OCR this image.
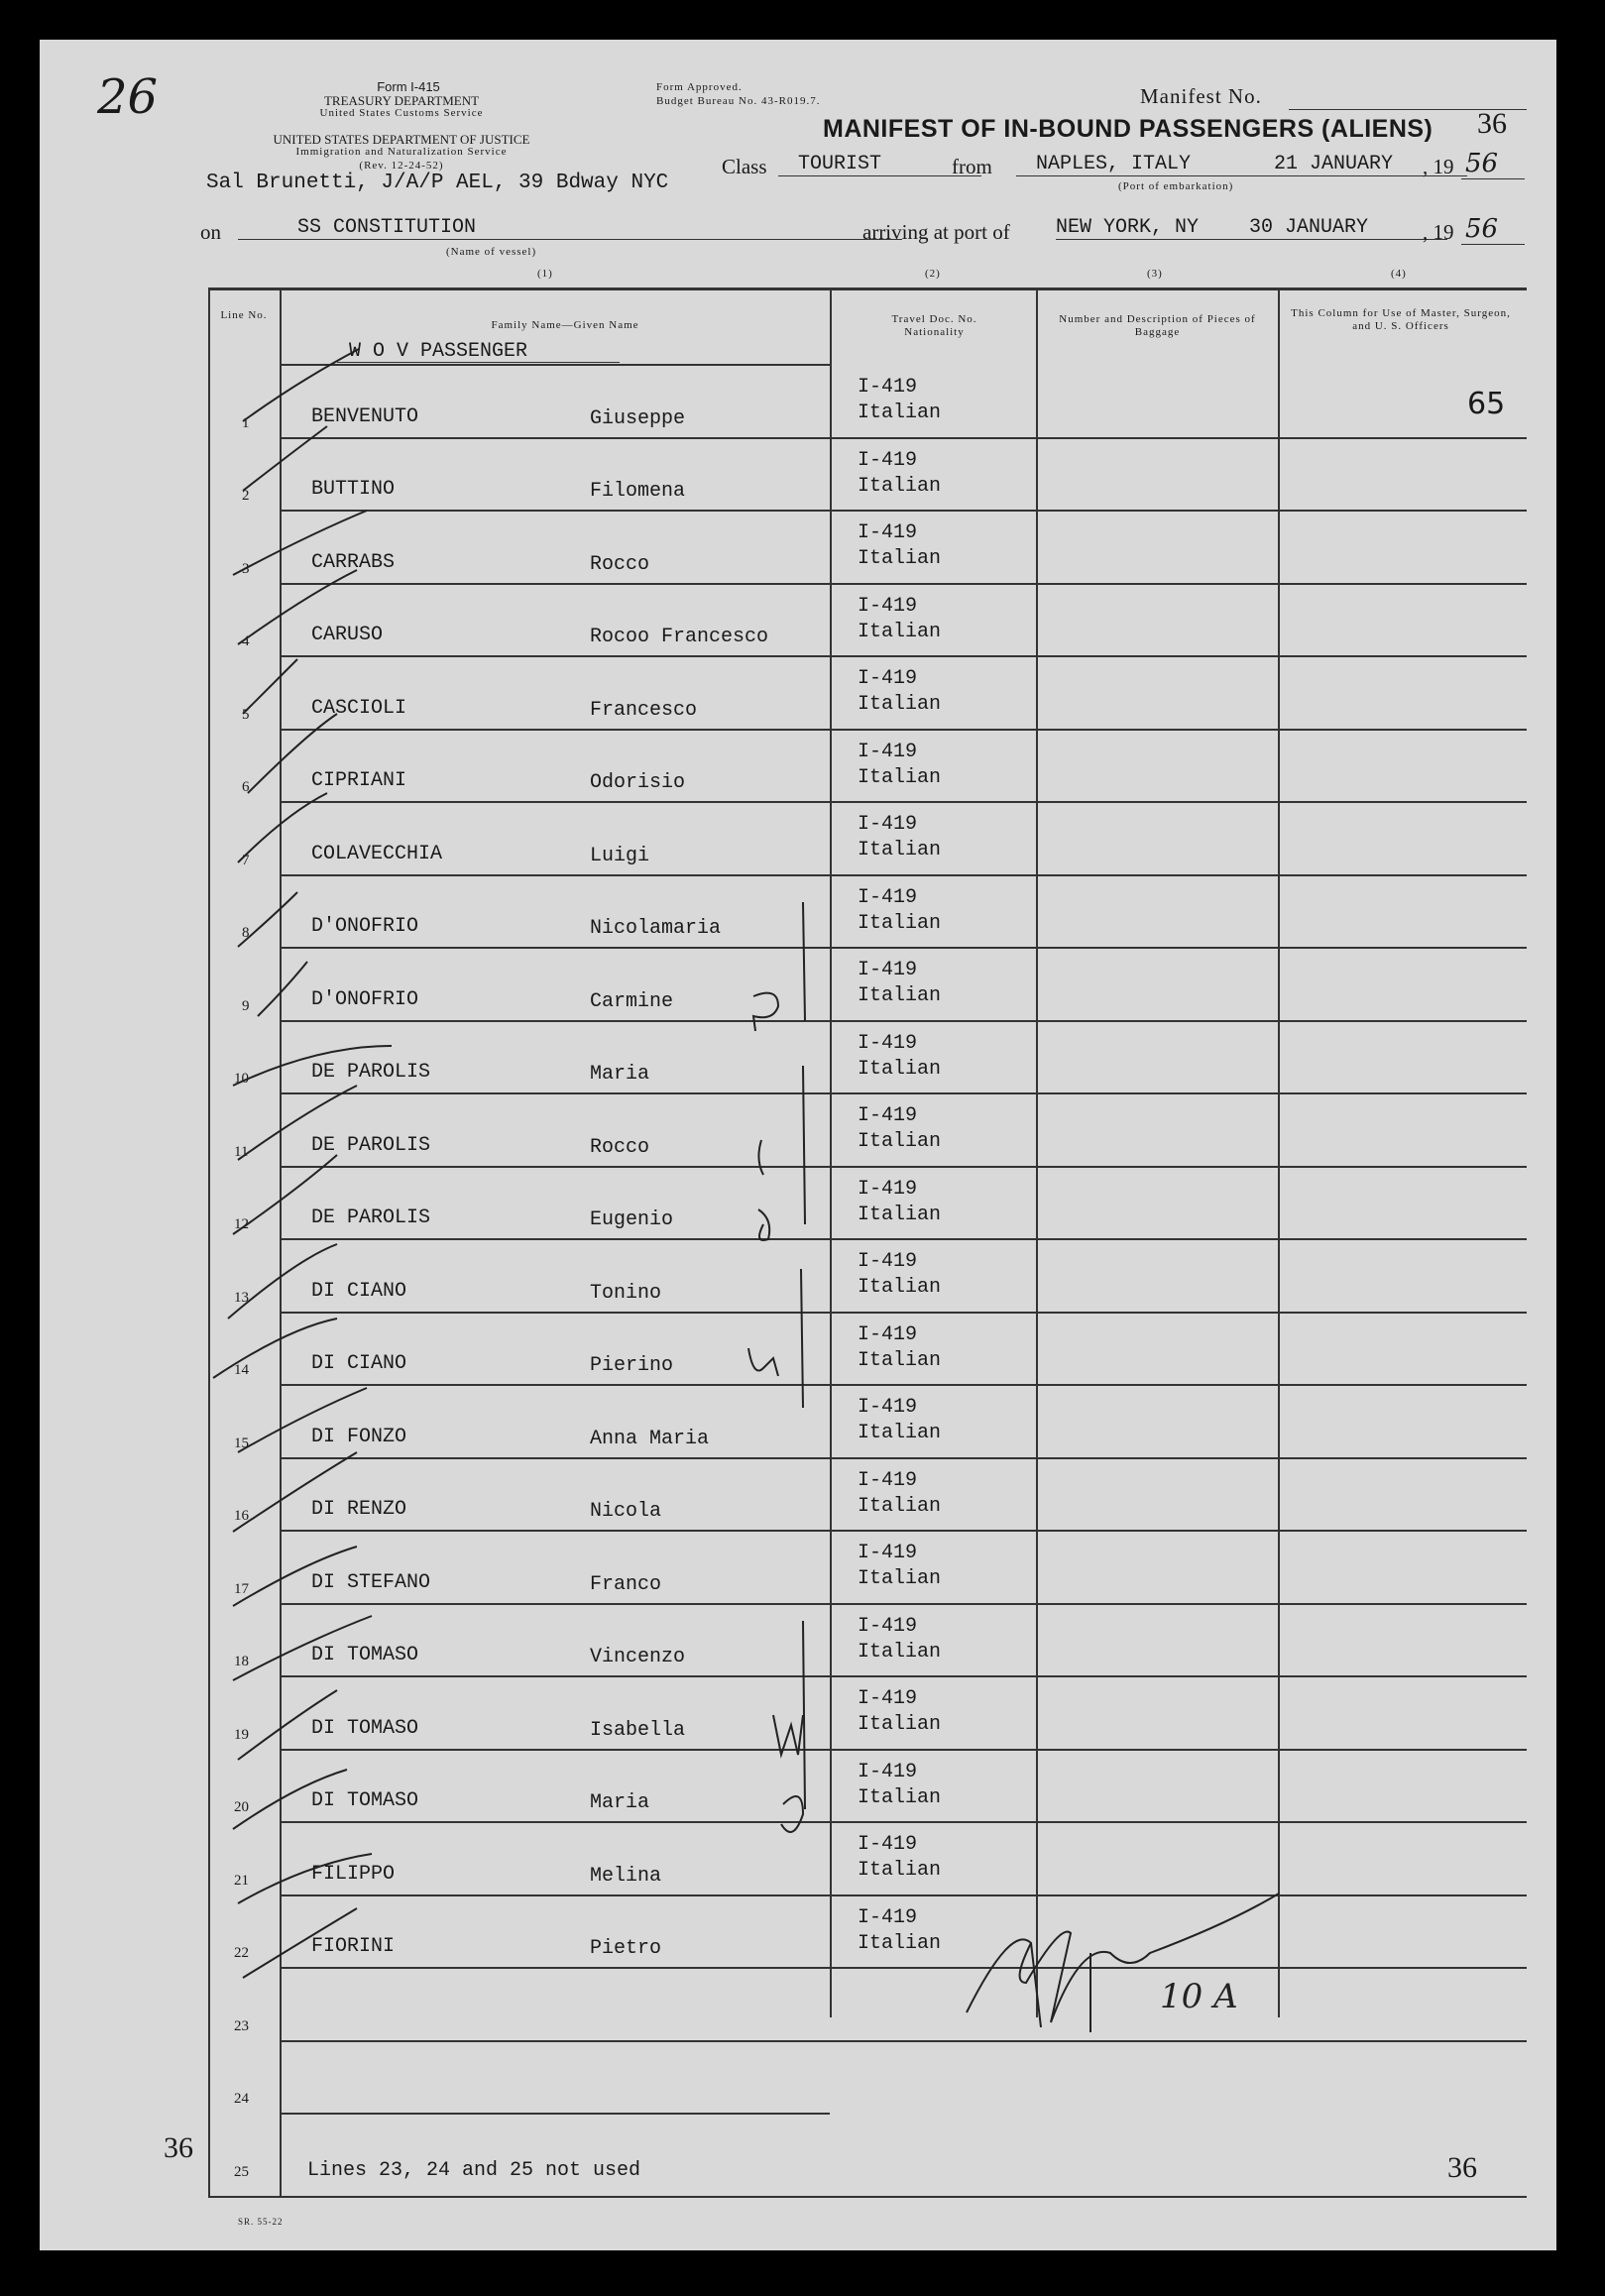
26	Form I-415
TREASURY DEPARTMENT
United States Customs Service
UNITED STATES DEPARTMENT OF JUSTICE
Immigration and Naturalization Service
(Rev. 12-24-52)
Form Approved.
Budget Bureau No. 43-R019.7.	Manifest No.
36
MANIFEST OF IN-BOUND PASSENGERS (ALIENS)
Sal Brunetti, J/A/P AEL, 39 Bdway NYC
Class	TOURIST	from	NAPLES, ITALY	21 JANUARY	, 19 56
(Port of embarkation)
on	SS CONSTITUTION
(Name of vessel)
arriving at port of NEW YORK, NY	30 JANUARY	, 19 56
(1)	(2)	(3)	(4)
Line No.
Family Name—Given Name	Travel Doc. No. Nationality
Number and Description of Pieces of Baggage
This Column for Use of Master, Surgeon, and U. S. Officers
W O V PASSENGER
65
1	BENVENUTO	Giuseppe
I-419
Italian
2	BUTTINO	Filomena
I-419
Italian
3	CARRABS	Rocco
I-419
Italian
4	CARUSO	Rocoo Francesco
I-419
Italian
5	CASCIOLI	Francesco
I-419
Italian
6	CIPRIANI	Odorisio
I-419
Italian
7	COLAVECCHIA	Luigi
I-419
Italian
8	D'ONOFRIO	Nicolamaria
I-419
Italian
9	D'ONOFRIO	Carmine
I-419
Italian
10	DE PAROLIS	Maria
I-419
Italian
11	DE PAROLIS	Rocco
I-419
Italian
12	DE PAROLIS	Eugenio
I-419
Italian
13	DI CIANO	Tonino
I-419
Italian
14	DI CIANO	Pierino
I-419
Italian
15	DI FONZO	Anna Maria
I-419
Italian
16	DI RENZO	Nicola
I-419
Italian
17	DI STEFANO	Franco
I-419
Italian
18	DI TOMASO	Vincenzo
I-419
Italian
19	DI TOMASO	Isabella
I-419
Italian
20	DI TOMASO	Maria
I-419
Italian
21	FILIPPO	Melina
I-419
Italian
22	FIORINI	Pietro
I-419
Italian
23
24
25	Lines 23, 24 and 25 not used
36
36
SR. 55-22
10 A
